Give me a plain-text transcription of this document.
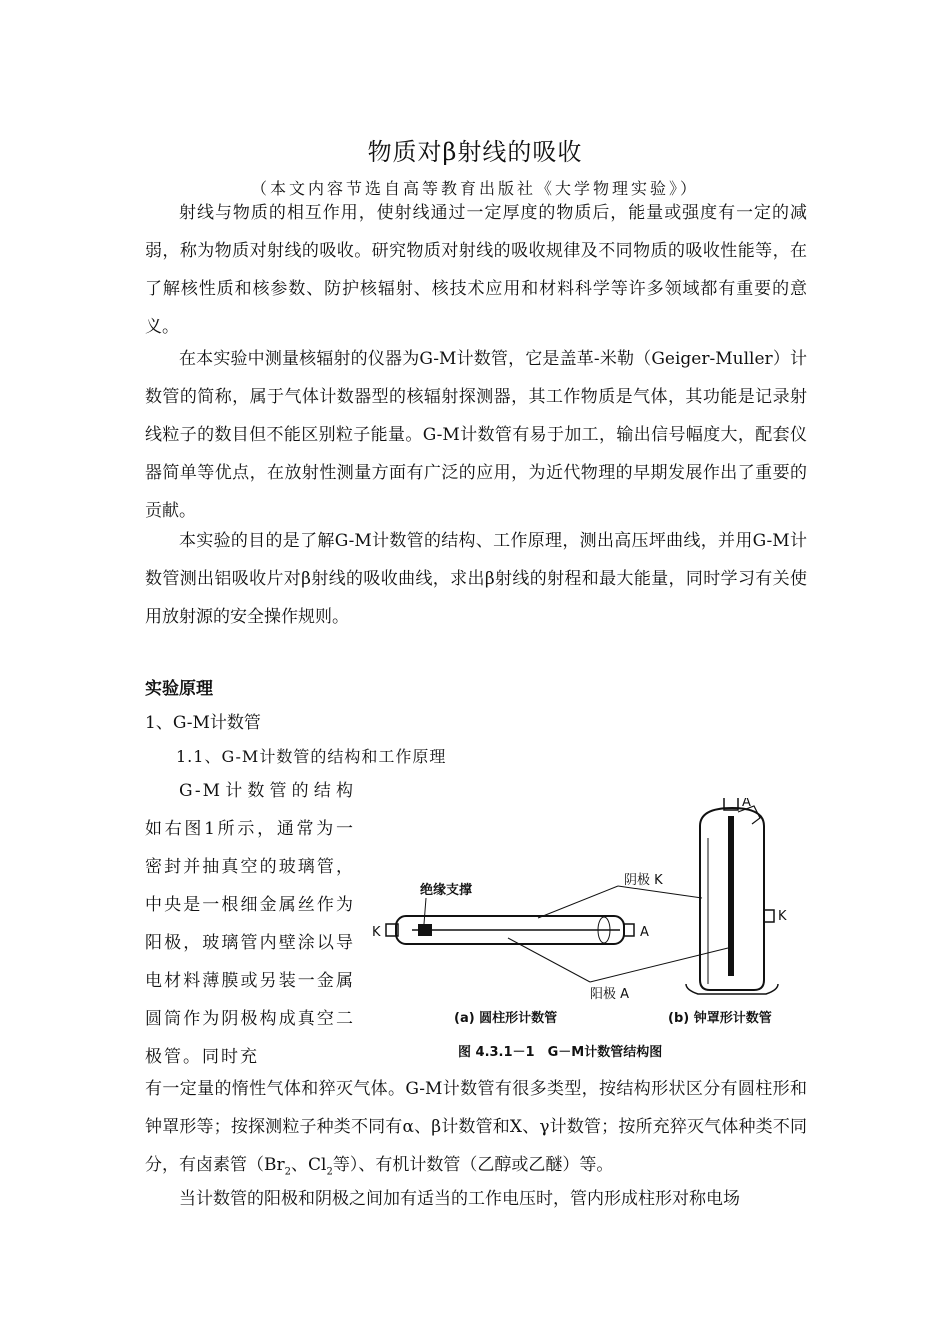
物质对β射线的吸收
（本文内容节选自高等教育出版社《大学物理实验》）

射线与物质的相互作用，使射线通过一定厚度的物质后，能量或强度有一定的减弱，称为物质对射线的吸收。研究物质对射线的吸收规律及不同物质的吸收性能等，在了解核性质和核参数、防护核辐射、核技术应用和材料科学等许多领域都有重要的意义。

在本实验中测量核辐射的仪器为G-M计数管，它是盖革-米勒（Geiger-Muller）计数管的简称，属于气体计数器型的核辐射探测器，其工作物质是气体，其功能是记录射线粒子的数目但不能区别粒子能量。G-M计数管有易于加工，输出信号幅度大，配套仪器简单等优点，在放射性测量方面有广泛的应用，为近代物理的早期发展作出了重要的贡献。

本实验的目的是了解G-M计数管的结构、工作原理，测出高压坪曲线，并用G-M计数管测出铝吸收片对β射线的吸收曲线，求出β射线的射程和最大能量，同时学习有关使用放射源的安全操作规则。

实验原理
1、G-M计数管
1.1、G-M计数管的结构和工作原理

G-M计数管的结构如右图1所示，通常为一密封并抽真空的玻璃管，中央是一根细金属丝作为阳极，玻璃管内壁涂以导电材料薄膜或另装一金属圆筒作为阴极构成真空二极管。同时充

绝缘支撑
阴极 K
阳极 A
K	A
A
K
(a) 圆柱形计数管	(b) 钟罩形计数管
图 4.3.1－1　G－M计数管结构图

有一定量的惰性气体和猝灭气体。G-M计数管有很多类型，按结构形状区分有圆柱形和钟罩形等；按探测粒子种类不同有α、β计数管和X、γ计数管；按所充猝灭气体种类不同分，有卤素管（$Br_2$、$Cl_2$等）、有机计数管（乙醇或乙醚）等。

当计数管的阳极和阴极之间加有适当的工作电压时，管内形成柱形对称电场
